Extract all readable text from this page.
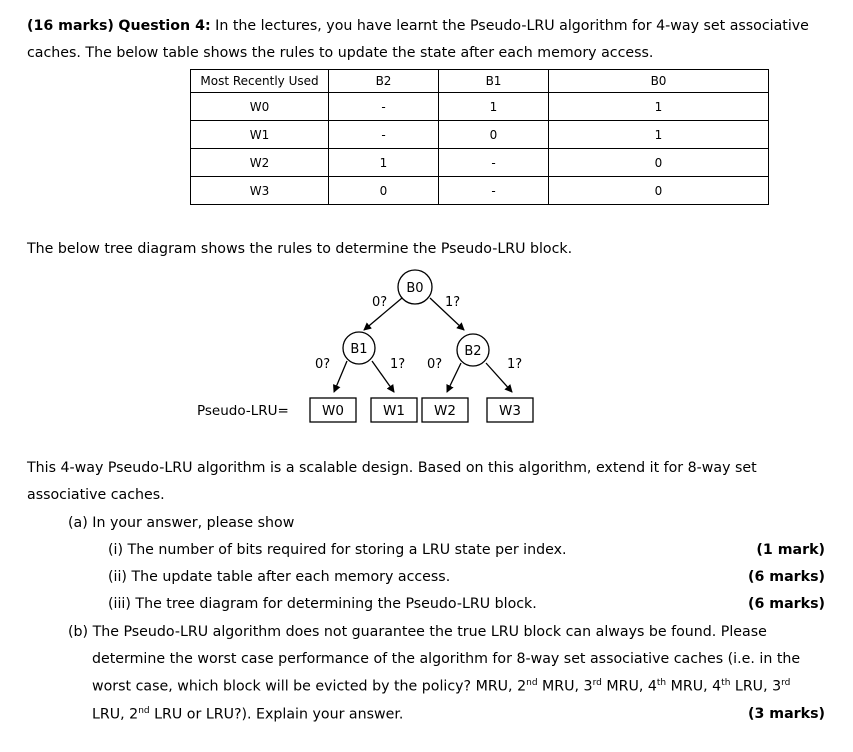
(16 marks) Question 4: In the lectures, you have learnt the Pseudo-LRU algorithm for 4-way set associative
caches. The below table shows the rules to update the state after each memory access.
Most Recently Used	B2	B1	B0
W0	-	1	1
W1	-	0	1
W2	1	-	0
W3	0	-	0
The below tree diagram shows the rules to determine the Pseudo-LRU block.
B0
B1	B2
0?	1?
0?	1? 0?	1?
Pseudo-LRU= W0	W1 W2	W3
This 4-way Pseudo-LRU algorithm is a scalable design. Based on this algorithm, extend it for 8-way set
associative caches.
(a) In your answer, please show
(i) The number of bits required for storing a LRU state per index.	(1 mark)
(ii) The update table after each memory access.	(6 marks)
(iii) The tree diagram for determining the Pseudo-LRU block.	(6 marks)
(b) The Pseudo-LRU algorithm does not guarantee the true LRU block can always be found. Please
determine the worst case performance of the algorithm for 8-way set associative caches (i.e. in the
worst case, which block will be evicted by the policy? MRU, 2nd MRU, 3rd MRU, 4th MRU, 4th LRU, 3rd
LRU, 2nd LRU or LRU?). Explain your answer.	(3 marks)
